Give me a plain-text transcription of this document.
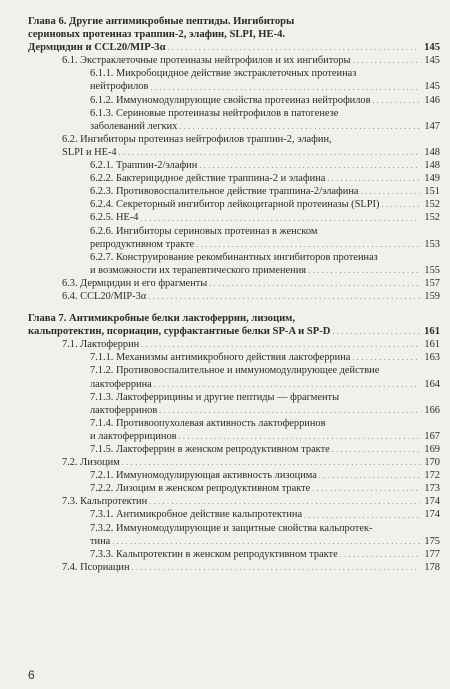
Глава 6. Другие антимикробные пептиды. Ингибиторы
сериновых протеиназ траппин-2, элафин, SLPI, НЕ-4.
Дермцидин и CCL20/MIP-3α . . .	145
6.1. Экстраклеточные протеиназы нейтрофилов и их ингибиторы . . .	145
6.1.1. Микробоцидное действие экстраклеточных протеиназ
нейтрофилов . . .	145
6.1.2. Иммуномодулирующие свойства протеиназ нейтрофилов . . .	146
6.1.3. Сериновые протеиназы нейтрофилов в патогенезе
заболеваний легких . . .	147
6.2. Ингибиторы протеиназ нейтрофилов траппин-2, элафин,
SLPI и НЕ-4 . . .	148
6.2.1. Траппин-2/элафин . . .	148
6.2.2. Бактерицидное действие траппина-2 и элафина . . .	149
6.2.3. Противовоспалительное действие траппина-2/элафина . . .	151
6.2.4. Секреторный ингибитор лейкоцитарной протеиназы (SLPI) . . .	152
6.2.5. НЕ-4 . . .	152
6.2.6. Ингибиторы сериновых протеиназ в женском
репродуктивном тракте . . .	153
6.2.7. Конструирование рекомбинантных ингибиторов протеиназ
и возможности их терапевтического применения . . .	155
6.3. Дермцидин и его фрагменты . . .	157
6.4. CCL20/MIP-3α . . .	159
Глава 7. Антимикробные белки лактоферрин, лизоцим,
кальпротектин, псориацин, сурфактантные белки SP-A и SP-D . . .	161
7.1. Лактоферрин . . .	161
7.1.1. Механизмы антимикробного действия лактоферрина . . .	163
7.1.2. Противовоспалительное и иммуномодулирующее действие
лактоферрина . . .	164
7.1.3. Лактоферрицины и другие пептиды — фрагменты
лактоферринов . . .	166
7.1.4. Противоопухолевая активность лактоферринов
и лактоферрицинов . . .	167
7.1.5. Лактоферрин в женском репродуктивном тракте . . .	169
7.2. Лизоцим . . .	170
7.2.1. Иммуномодулирующая активность лизоцима . . .	172
7.2.2. Лизоцим в женском репродуктивном тракте . . .	173
7.3. Кальпротектин . . .	174
7.3.1. Антимикробное действие кальпротектина . . .	174
7.3.2. Иммуномодулирующие и защитные свойства кальпротек-
тина . . .	175
7.3.3. Кальпротектин в женском репродуктивном тракте . . .	177
7.4. Псориацин . . .	178
6
